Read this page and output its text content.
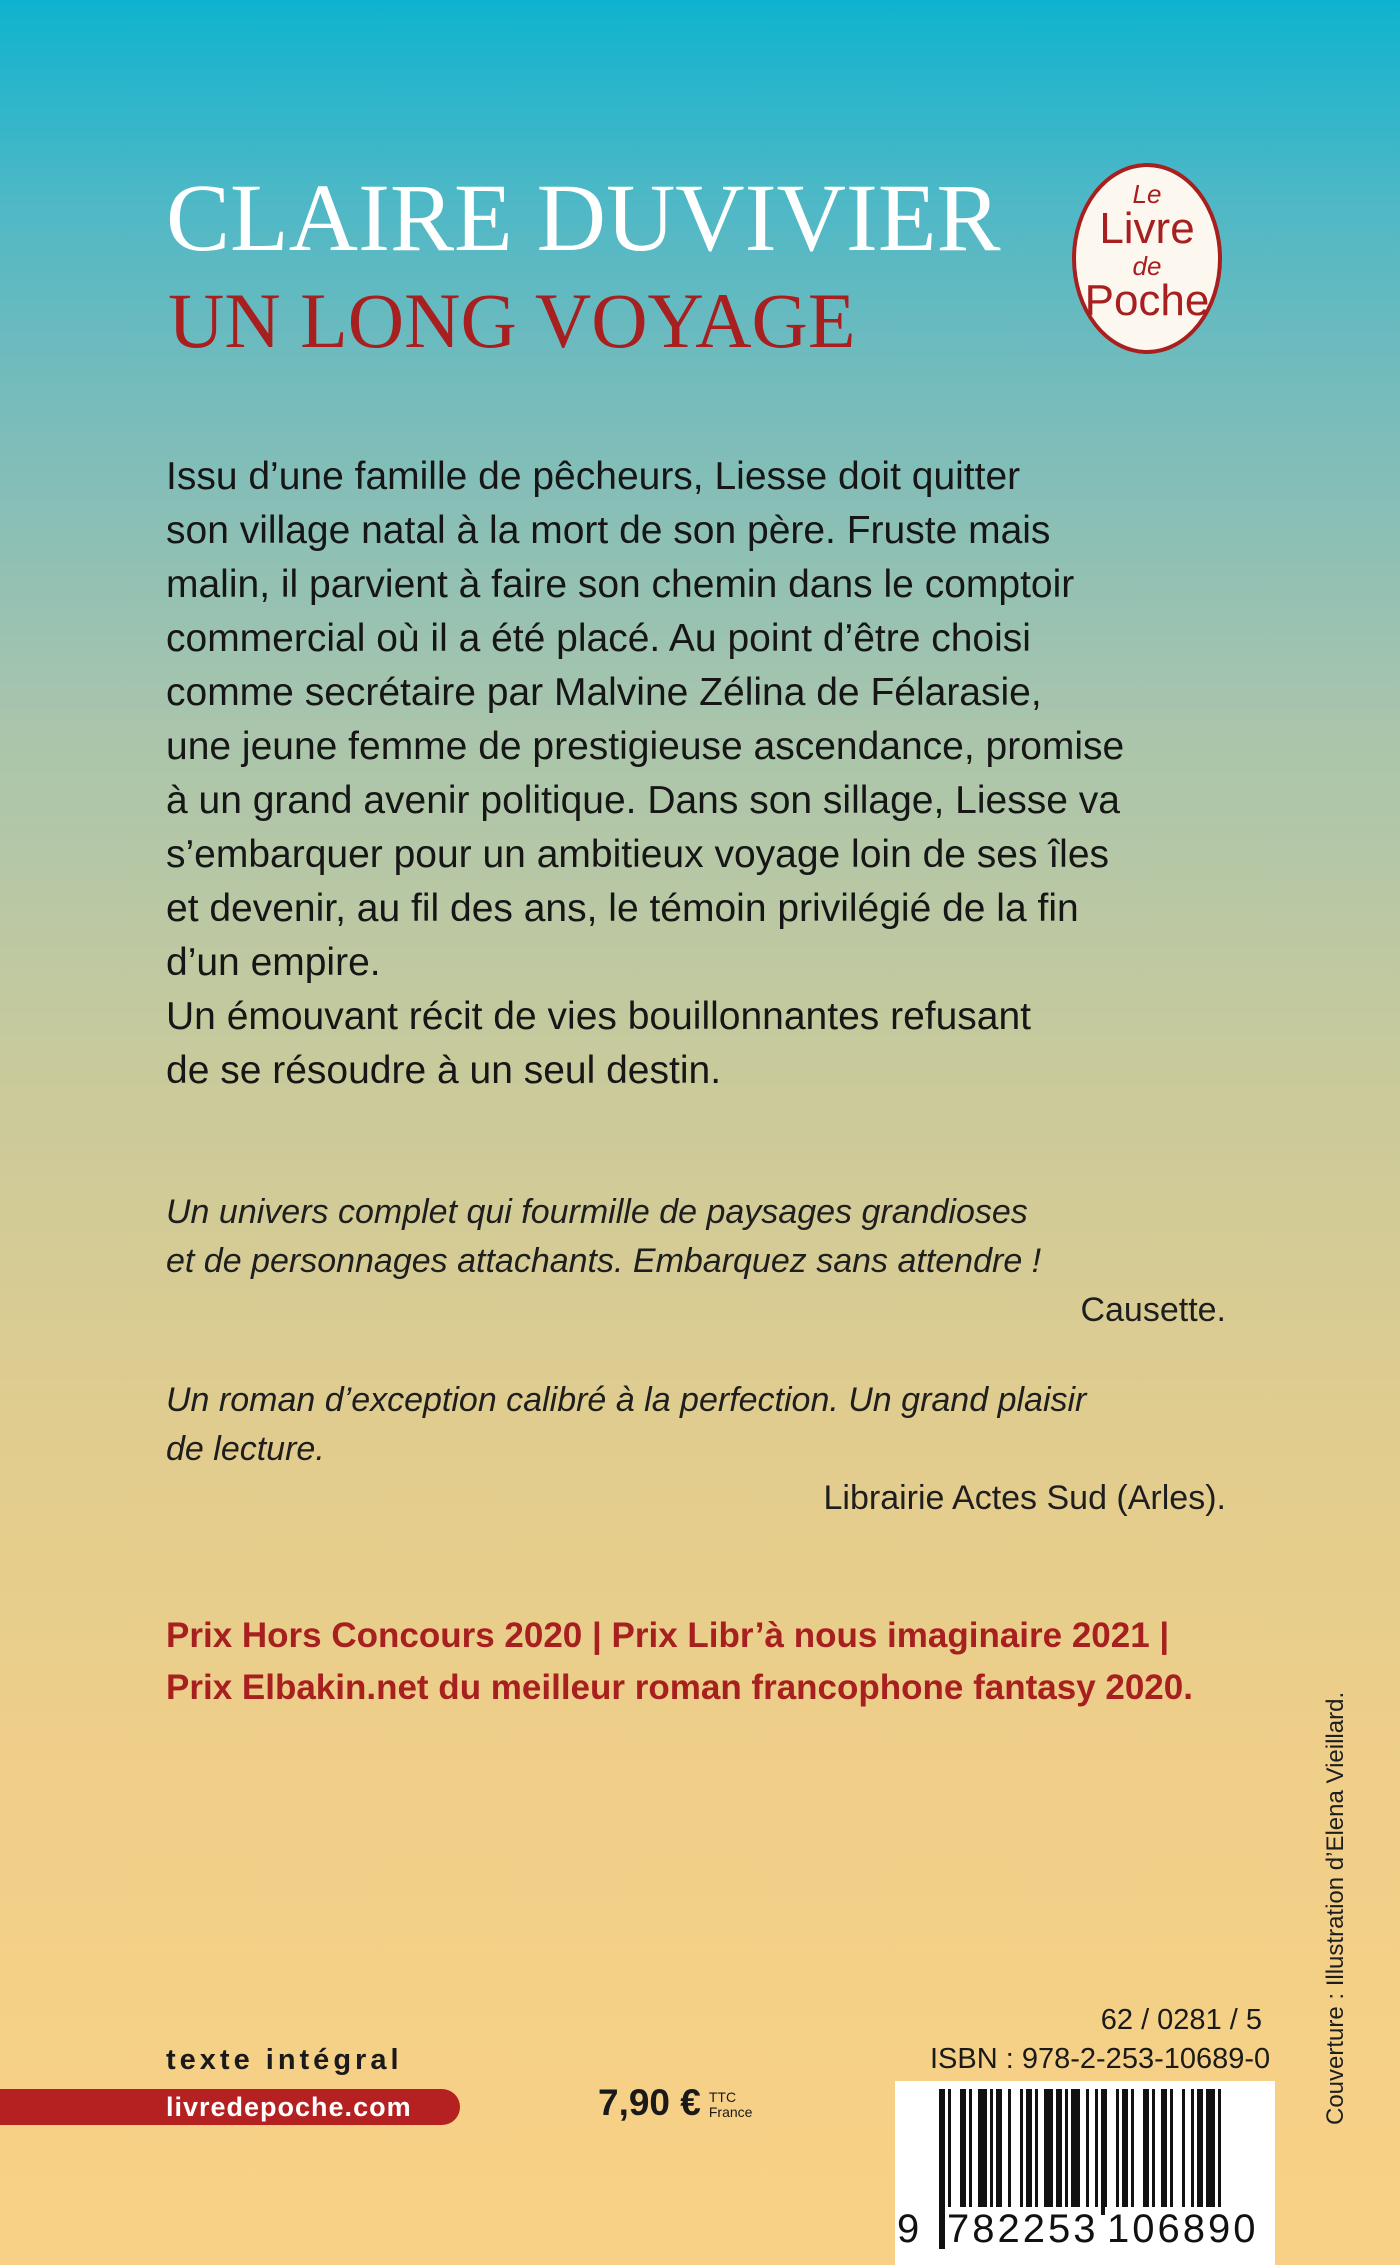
CLAIRE DUVIVIER
UN LONG VOYAGE
Le
Livre
de
Poche

Issu d’une famille de pêcheurs, Liesse doit quitter

son village natal à la mort de son père. Fruste mais

malin, il parvient à faire son chemin dans le comptoir

commercial où il a été placé. Au point d’être choisi

comme secrétaire par Malvine Zélina de Félarasie,

une jeune femme de prestigieuse ascendance, promise

à un grand avenir politique. Dans son sillage, Liesse va

s’embarquer pour un ambitieux voyage loin de ses îles

et devenir, au fil des ans, le témoin privilégié de la fin

d’un empire.

Un émouvant récit de vies bouillonnantes refusant

de se résoudre à un seul destin.

Un univers complet qui fourmille de paysages grandioses
et de personnages attachants. Embarquez sans attendre !
Causette.
Un roman d’exception calibré à la perfection. Un grand plaisir
de lecture.
Librairie Actes Sud (Arles).
Prix Hors Concours 2020 | Prix Libr’à nous imaginaire 2021 |
Prix Elbakin.net du meilleur roman francophone fantasy 2020.
Couverture : Illustration d’Elena Vieillard.
texte intégral
livredepoche.com	7,90 € TTC
France
62 / 0281 / 5
ISBN : 978-2-253-10689-0
9 782253 106890
